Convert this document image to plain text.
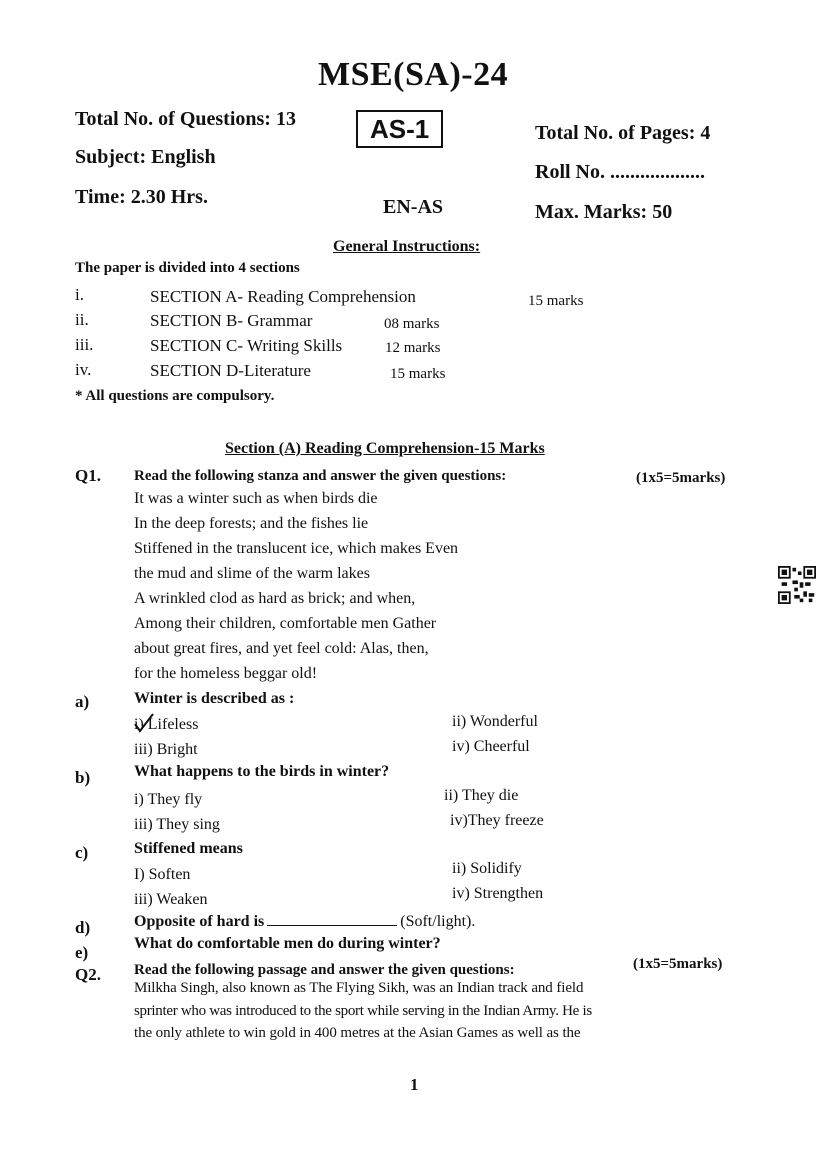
MSE(SA)-24
Total No. of Questions: 13	AS-1	Total No. of Pages: 4
Subject: English
Roll No. ...................
Time: 2.30 Hrs.	EN-AS	Max. Marks: 50
General Instructions:
The paper is divided into 4 sections
i.	SECTION A- Reading Comprehension	15 marks
ii.	SECTION B- Grammar	08 marks
iii.	SECTION C- Writing Skills	12 marks
iv.	SECTION D-Literature	15 marks
* All questions are compulsory.
Section (A) Reading Comprehension-15 Marks
Q1. Read the following stanza and answer the given questions:	(1x5=5marks)
It was a winter such as when birds die
In the deep forests; and the fishes lie
Stiffened in the translucent ice, which makes Even
the mud and slime of the warm lakes
A wrinkled clod as hard as brick; and when,
Among their children, comfortable men Gather
about great fires, and yet feel cold: Alas, then,
for the homeless beggar old!
a)	Winter is described as :
i) Lifeless	ii) Wonderful
iii) Bright	iv) Cheerful
b)	What happens to the birds in winter?
i) They fly	ii) They die
iii) They sing	iv)They freeze
c)	Stiffened means
I) Soften	ii) Solidify
iii) Weaken	iv) Strengthen
d)	Opposite of hard is	(Soft/light).
e)	What do comfortable men do during winter?
Q2. Read the following passage and answer the given questions:	(1x5=5marks)
Milkha Singh, also known as The Flying Sikh, was an Indian track and field
sprinter who was introduced to the sport while serving in the Indian Army. He is
the only athlete to win gold in 400 metres at the Asian Games as well as the
1
